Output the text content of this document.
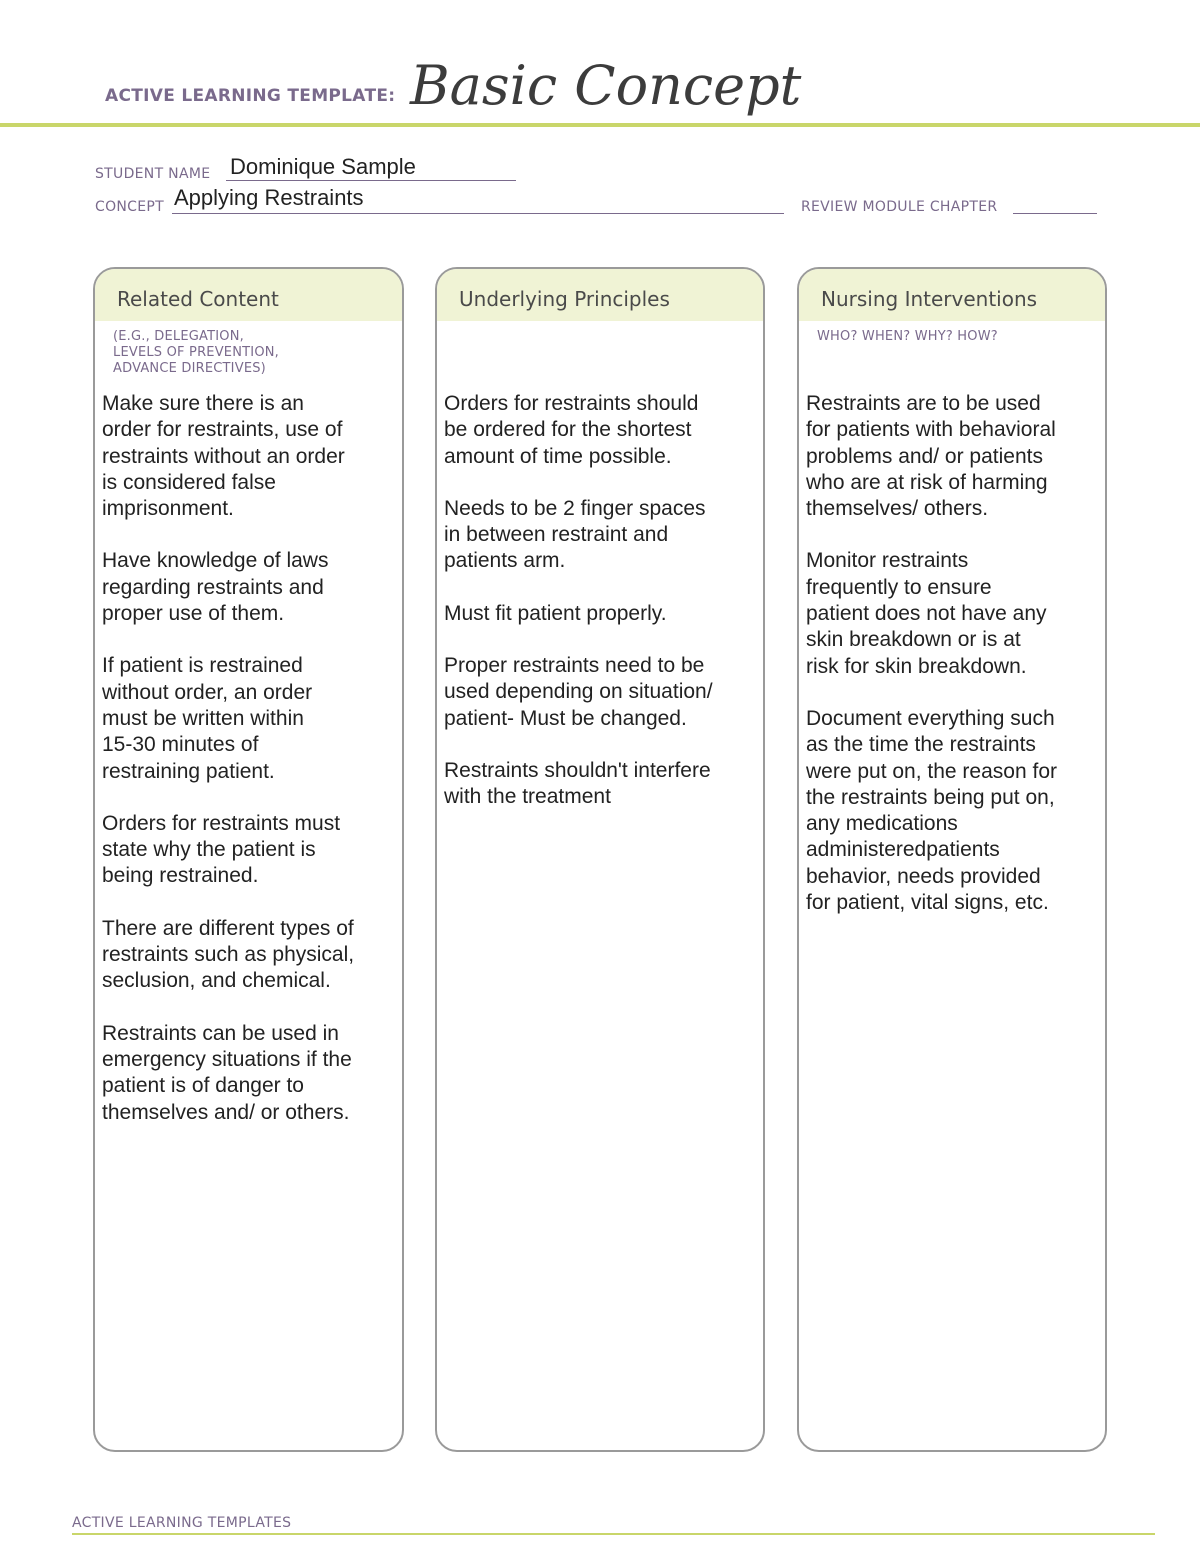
ACTIVE LEARNING TEMPLATE: Basic Concept
STUDENT NAME Dominique Sample
CONCEPT Applying Restraints	REVIEW MODULE CHAPTER
Related Content
(E.G., DELEGATION,
LEVELS OF PREVENTION,
ADVANCE DIRECTIVES)

Make sure there is an
order for restraints, use of
restraints without an order
is considered false
imprisonment.

Have knowledge of laws
regarding restraints and
proper use of them.

If patient is restrained
without order, an order
must be written within
15-30 minutes of
restraining patient.

Orders for restraints must
state why the patient is
being restrained.

There are different types of
restraints such as physical,
seclusion, and chemical.

Restraints can be used in
emergency situations if the
patient is of danger to
themselves and/ or others.

Underlying Principles

Orders for restraints should
be ordered for the shortest
amount of time possible.

Needs to be 2 finger spaces
in between restraint and
patients arm.

Must fit patient properly.

Proper restraints need to be
used depending on situation/
patient- Must be changed.

Restraints shouldn't interfere
with the treatment

Nursing Interventions
WHO? WHEN? WHY? HOW?

Restraints are to be used
for patients with behavioral
problems and/ or patients
who are at risk of harming
themselves/ others.

Monitor restraints
frequently to ensure
patient does not have any
skin breakdown or is at
risk for skin breakdown.

Document everything such
as the time the restraints
were put on, the reason for
the restraints being put on,
any medications
administeredpatients
behavior, needs provided
for patient, vital signs, etc.

ACTIVE LEARNING TEMPLATES
